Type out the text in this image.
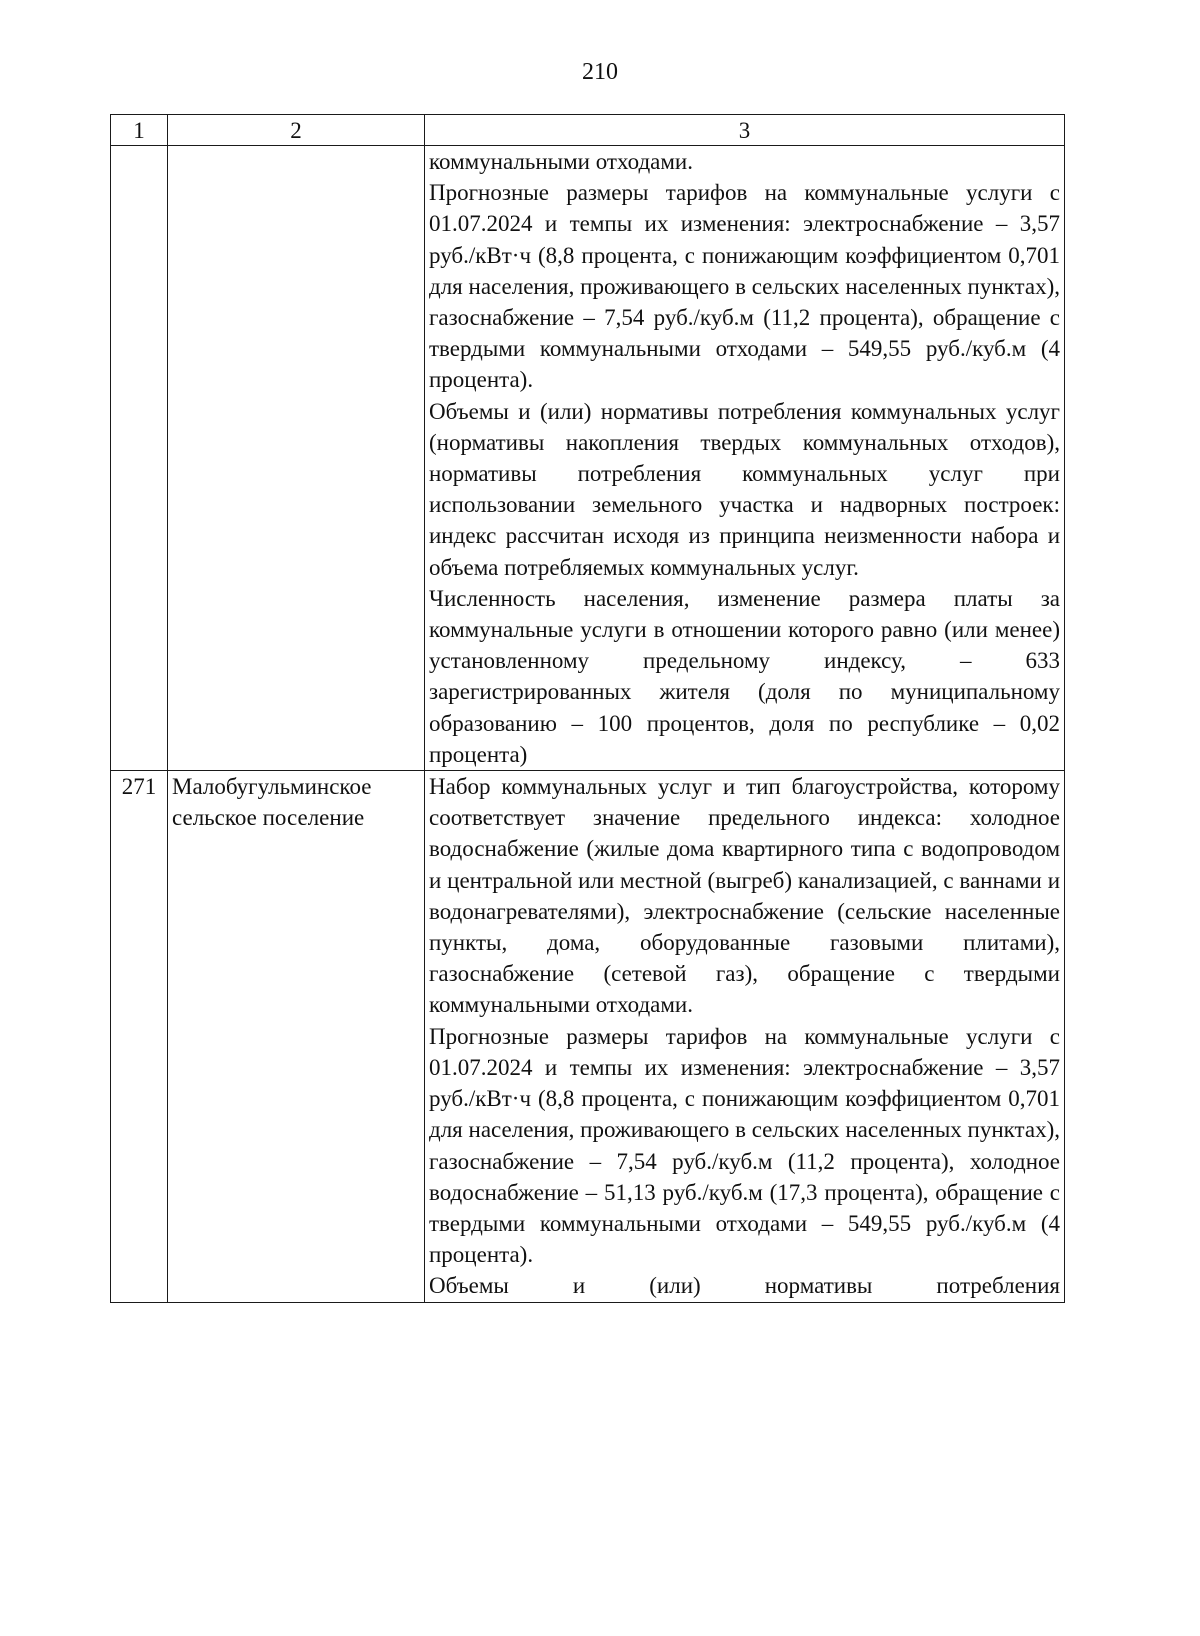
210
1	2	3

		коммунальными отходами.

Прогнозные размеры тарифов на коммунальные услуги с 01.07.2024 и темпы их изменения: электроснабжение – 3,57 руб./кВт·ч (8,8 процента, с понижающим коэффициентом 0,701 для населения, проживающего в сельских населенных пунктах), газоснабжение – 7,54 руб./куб.м (11,2 процента), обращение с твердыми коммунальными отходами – 549,55 руб./куб.м (4 процента).

Объемы и (или) нормативы потребления коммунальных услуг (нормативы накопления твердых коммунальных отходов), нормативы потребления коммунальных услуг при использовании земельного участка и надворных построек: индекс рассчитан исходя из принципа неизменности набора и объема потребляемых коммунальных услуг.

Численность населения, изменение размера платы за коммунальные услуги в отношении которого равно (или менее) установленному предельному индексу, – 633 зарегистрированных жителя (доля по муниципальному образованию – 100 процентов, доля по республике – 0,02 процента)

271	Малобугульминское сельское поселение	Набор коммунальных услуг и тип благоустройства, которому соответствует значение предельного индекса: холодное водоснабжение (жилые дома квартирного типа с водопроводом и центральной или местной (выгреб) канализацией, с ваннами и водонагревателями), электроснабжение (сельские населенные пункты, дома, оборудованные газовыми плитами), газоснабжение (сетевой газ), обращение с твердыми коммунальными отходами.

Прогнозные размеры тарифов на коммунальные услуги с 01.07.2024 и темпы их изменения: электроснабжение – 3,57 руб./кВт·ч (8,8 процента, с понижающим коэффициентом 0,701 для населения, проживающего в сельских населенных пунктах), газоснабжение – 7,54 руб./куб.м (11,2 процента), холодное водоснабжение – 51,13 руб./куб.м (17,3 процента), обращение с твердыми коммунальными отходами – 549,55 руб./куб.м (4 процента).

Объемы и (или) нормативы потребления
